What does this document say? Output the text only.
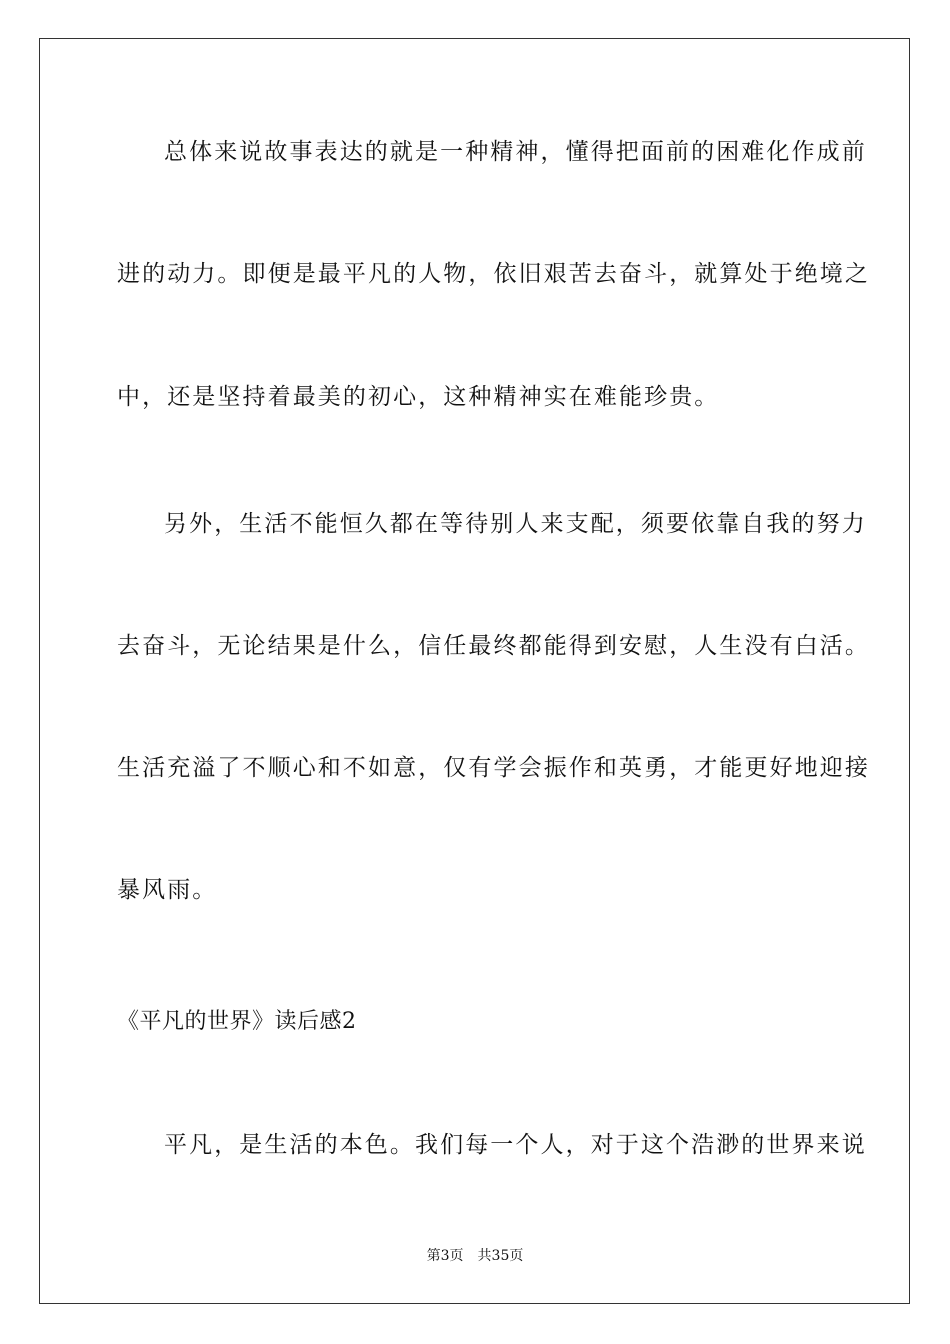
总体来说故事表达的就是一种精神，懂得把面前的困难化作成前
进的动力。即便是最平凡的人物，依旧艰苦去奋斗，就算处于绝境之
中，还是坚持着最美的初心，这种精神实在难能珍贵。
另外，生活不能恒久都在等待别人来支配，须要依靠自我的努力
去奋斗，无论结果是什么，信任最终都能得到安慰，人生没有白活。
生活充溢了不顺心和不如意，仅有学会振作和英勇，才能更好地迎接
暴风雨。
《平凡的世界》读后感2
平凡，是生活的本色。我们每一个人，对于这个浩渺的世界来说
第3页 共35页
